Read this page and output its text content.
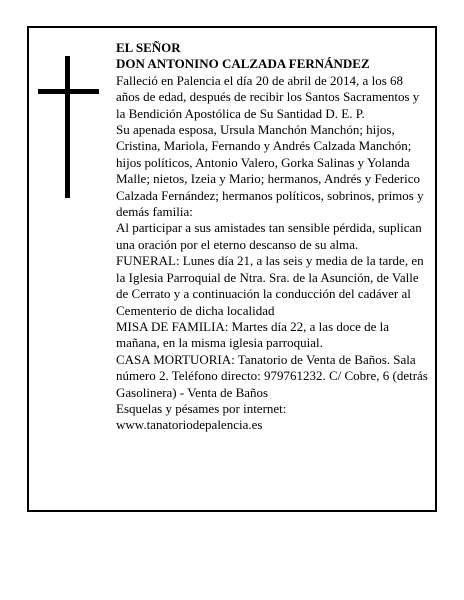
EL SEÑOR

DON ANTONINO CALZADA FERNÁNDEZ

Falleció en Palencia el día 20 de abril de 2014, a los 68 años de edad, después de recibir los Santos Sacramentos y la Bendición Apostólica de Su Santidad D. E. P.

Su apenada esposa, Ursula Manchón Manchón; hijos, Cristina, Mariola, Fernando y Andrés Calzada Manchón; hijos políticos, Antonio Valero, Gorka Salinas y Yolanda Malle; nietos, Izeia y Mario; hermanos, Andrés y Federico Calzada Fernández; hermanos políticos, sobrinos, primos y demás familia:

Al participar a sus amistades tan sensible pérdida, suplican una oración por el eterno descanso de su alma.

FUNERAL: Lunes día 21, a las seis y media de la tarde, en la Iglesia Parroquial de Ntra. Sra. de la Asunción, de Valle de Cerrato y a continuación la conducción del cadáver al Cementerio de dicha localidad

MISA DE FAMILIA: Martes día 22, a las doce de la mañana, en la misma iglesia parroquial.

CASA MORTUORIA: Tanatorio de Venta de Baños. Sala número 2. Teléfono directo: 979761232. C/ Cobre, 6 (detrás Gasolinera) - Venta de Baños

Esquelas y pésames por internet:

www.tanatoriodepalencia.es
